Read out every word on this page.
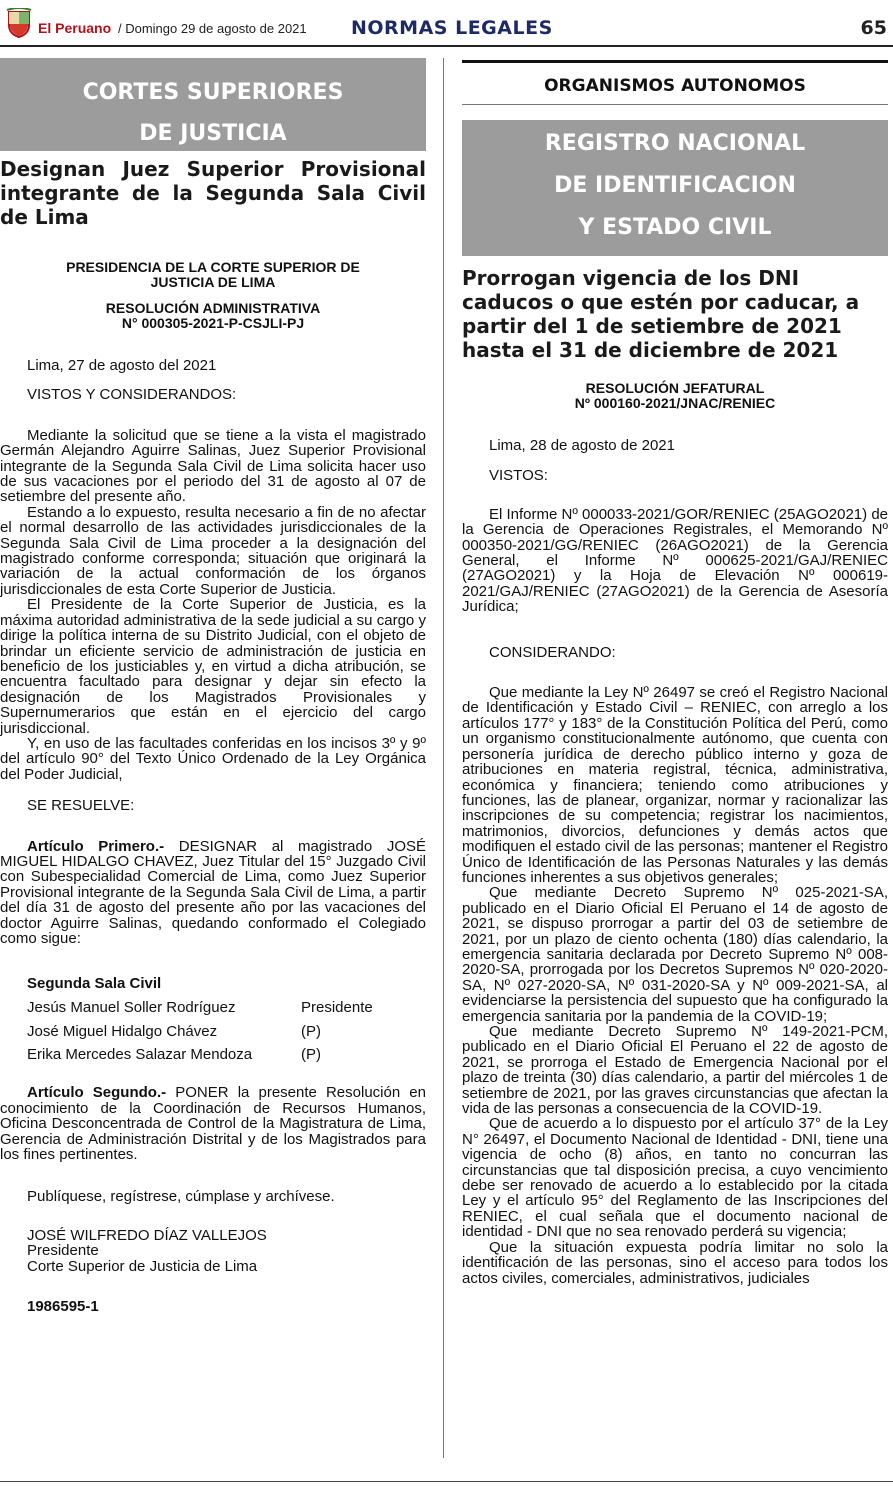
El Peruano / Domingo 29 de agosto de 2021 NORMAS LEGALES	65
CORTES SUPERIORES
DE JUSTICIA
Designan Juez Superior Provisional integrante de la Segunda Sala Civil de Lima
PRESIDENCIA DE LA CORTE SUPERIOR DE
JUSTICIA DE LIMA
RESOLUCIÓN ADMINISTRATIVA
N° 000305-2021-P-CSJLI-PJ
Lima, 27 de agosto del 2021
VISTOS Y CONSIDERANDOS:
Mediante la solicitud que se tiene a la vista el magistrado Germán Alejandro Aguirre Salinas, Juez Superior Provisional integrante de la Segunda Sala Civil de Lima solicita hacer uso de sus vacaciones por el periodo del 31 de agosto al 07 de setiembre del presente año.
Estando a lo expuesto, resulta necesario a fin de no afectar el normal desarrollo de las actividades jurisdiccionales de la Segunda Sala Civil de Lima proceder a la designación del magistrado conforme corresponda; situación que originará la variación de la actual conformación de los órganos jurisdiccionales de esta Corte Superior de Justicia.
El Presidente de la Corte Superior de Justicia, es la máxima autoridad administrativa de la sede judicial a su cargo y dirige la política interna de su Distrito Judicial, con el objeto de brindar un eficiente servicio de administración de justicia en beneficio de los justiciables y, en virtud a dicha atribución, se encuentra facultado para designar y dejar sin efecto la designación de los Magistrados Provisionales y Supernumerarios que están en el ejercicio del cargo jurisdiccional.
Y, en uso de las facultades conferidas en los incisos 3º y 9º del artículo 90° del Texto Único Ordenado de la Ley Orgánica del Poder Judicial,
SE RESUELVE:
Artículo Primero.- DESIGNAR al magistrado JOSÉ MIGUEL HIDALGO CHAVEZ, Juez Titular del 15° Juzgado Civil con Subespecialidad Comercial de Lima, como Juez Superior Provisional integrante de la Segunda Sala Civil de Lima, a partir del día 31 de agosto del presente año por las vacaciones del doctor Aguirre Salinas, quedando conformado el Colegiado como sigue:
Segunda Sala Civil
Jesús Manuel Soller Rodríguez	Presidente
José Miguel Hidalgo Chávez	(P)
Erika Mercedes Salazar Mendoza	(P)
Artículo Segundo.- PONER la presente Resolución en conocimiento de la Coordinación de Recursos Humanos, Oficina Desconcentrada de Control de la Magistratura de Lima, Gerencia de Administración Distrital y de los Magistrados para los fines pertinentes.
Publíquese, regístrese, cúmplase y archívese.
JOSÉ WILFREDO DÍAZ VALLEJOS
Presidente
Corte Superior de Justicia de Lima
1986595-1
ORGANISMOS AUTONOMOS
REGISTRO NACIONAL
DE IDENTIFICACION
Y ESTADO CIVIL
Prorrogan vigencia de los DNI caducos o que estén por caducar, a partir del 1 de setiembre de 2021 hasta el 31 de diciembre de 2021
RESOLUCIÓN JEFATURAL
Nº 000160-2021/JNAC/RENIEC
Lima, 28 de agosto de 2021
VISTOS:
El Informe Nº 000033-2021/GOR/RENIEC (25AGO2021) de la Gerencia de Operaciones Registrales, el Memorando Nº 000350-2021/GG/RENIEC (26AGO2021) de la Gerencia General, el Informe Nº 000625-2021/GAJ/RENIEC (27AGO2021) y la Hoja de Elevación Nº 000619-2021/GAJ/RENIEC (27AGO2021) de la Gerencia de Asesoría Jurídica;
CONSIDERANDO:
Que mediante la Ley Nº 26497 se creó el Registro Nacional de Identificación y Estado Civil – RENIEC, con arreglo a los artículos 177° y 183° de la Constitución Política del Perú, como un organismo constitucionalmente autónomo, que cuenta con personería jurídica de derecho público interno y goza de atribuciones en materia registral, técnica, administrativa, económica y financiera; teniendo como atribuciones y funciones, las de planear, organizar, normar y racionalizar las inscripciones de su competencia; registrar los nacimientos, matrimonios, divorcios, defunciones y demás actos que modifiquen el estado civil de las personas; mantener el Registro Único de Identificación de las Personas Naturales y las demás funciones inherentes a sus objetivos generales;
Que mediante Decreto Supremo Nº 025-2021-SA, publicado en el Diario Oficial El Peruano el 14 de agosto de 2021, se dispuso prorrogar a partir del 03 de setiembre de 2021, por un plazo de ciento ochenta (180) días calendario, la emergencia sanitaria declarada por Decreto Supremo Nº 008-2020-SA, prorrogada por los Decretos Supremos Nº 020-2020-SA, Nº 027-2020-SA, Nº 031-2020-SA y Nº 009-2021-SA, al evidenciarse la persistencia del supuesto que ha configurado la emergencia sanitaria por la pandemia de la COVID-19;
Que mediante Decreto Supremo Nº 149-2021-PCM, publicado en el Diario Oficial El Peruano el 22 de agosto de 2021, se prorroga el Estado de Emergencia Nacional por el plazo de treinta (30) días calendario, a partir del miércoles 1 de setiembre de 2021, por las graves circunstancias que afectan la vida de las personas a consecuencia de la COVID-19.
Que de acuerdo a lo dispuesto por el artículo 37° de la Ley N° 26497, el Documento Nacional de Identidad - DNI, tiene una vigencia de ocho (8) años, en tanto no concurran las circunstancias que tal disposición precisa, a cuyo vencimiento debe ser renovado de acuerdo a lo establecido por la citada Ley y el artículo 95° del Reglamento de las Inscripciones del RENIEC, el cual señala que el documento nacional de identidad - DNI que no sea renovado perderá su vigencia;
Que la situación expuesta podría limitar no solo la identificación de las personas, sino el acceso para todos los actos civiles, comerciales, administrativos, judiciales
